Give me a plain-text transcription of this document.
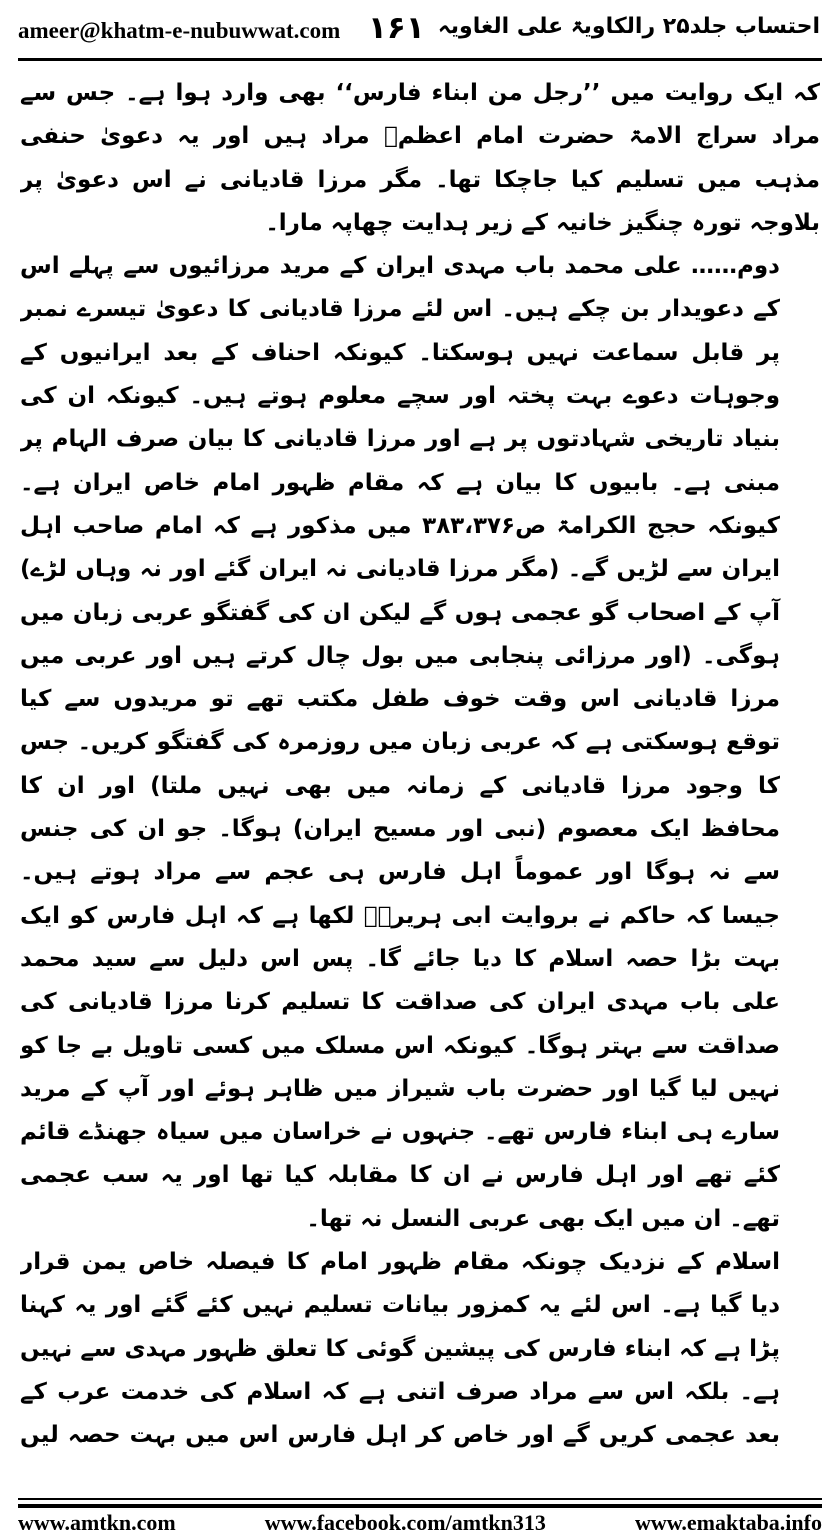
ameer@khatm-e-nubuwwat.com ۱۶۱ احتساب جلد۲۵ رالکاویۃ علی الغاویہ

کہ ایک روایت میں ’’رجل من ابناء فارس‘‘ بھی وارد ہوا ہے۔ جس سے مراد سراج الامۃ حضرت امام اعظمؒ مراد ہیں اور یہ دعویٰ حنفی مذہب میں تسلیم کیا جاچکا تھا۔ مگر مرزا قادیانی نے اس دعویٰ پر بلاوجہ تورہ چنگیز خانیہ کے زیر ہدایت چھاپہ مارا۔

دوم…… علی محمد باب مہدی ایران کے مرید مرزائیوں سے پہلے اس کے دعویدار بن چکے ہیں۔ اس لئے مرزا قادیانی کا دعویٰ تیسرے نمبر پر قابل سماعت نہیں ہوسکتا۔ کیونکہ احناف کے بعد ایرانیوں کے وجوہات دعوے بہت پختہ اور سچے معلوم ہوتے ہیں۔ کیونکہ ان کی بنیاد تاریخی شہادتوں پر ہے اور مرزا قادیانی کا بیان صرف الہام پر مبنی ہے۔ بابیوں کا بیان ہے کہ مقام ظہور امام خاص ایران ہے۔ کیونکہ حجج الکرامۃ ص۳۸۳،۳۷۶ میں مذکور ہے کہ امام صاحب اہل ایران سے لڑیں گے۔ (مگر مرزا قادیانی نہ ایران گئے اور نہ وہاں لڑے) آپ کے اصحاب گو عجمی ہوں گے لیکن ان کی گفتگو عربی زبان میں ہوگی۔ (اور مرزائی پنجابی میں بول چال کرتے ہیں اور عربی میں مرزا قادیانی اس وقت خوف طفل مکتب تھے تو مریدوں سے کیا توقع ہوسکتی ہے کہ عربی زبان میں روزمرہ کی گفتگو کریں۔ جس کا وجود مرزا قادیانی کے زمانہ میں بھی نہیں ملتا) اور ان کا محافظ ایک معصوم (نبی اور مسیح ایران) ہوگا۔ جو ان کی جنس سے نہ ہوگا اور عموماً اہل فارس ہی عجم سے مراد ہوتے ہیں۔ جیسا کہ حاکم نے بروایت ابی ہریرہؓ لکھا ہے کہ اہل فارس کو ایک بہت بڑا حصہ اسلام کا دیا جائے گا۔ پس اس دلیل سے سید محمد علی باب مہدی ایران کی صداقت کا تسلیم کرنا مرزا قادیانی کی صداقت سے بہتر ہوگا۔ کیونکہ اس مسلک میں کسی تاویل بے جا کو نہیں لیا گیا اور حضرت باب شیراز میں ظاہر ہوئے اور آپ کے مرید سارے ہی ابناء فارس تھے۔ جنہوں نے خراسان میں سیاہ جھنڈے قائم کئے تھے اور اہل فارس نے ان کا مقابلہ کیا تھا اور یہ سب عجمی تھے۔ ان میں ایک بھی عربی النسل نہ تھا۔

اسلام کے نزدیک چونکہ مقام ظہور امام کا فیصلہ خاص یمن قرار دیا گیا ہے۔ اس لئے یہ کمزور بیانات تسلیم نہیں کئے گئے اور یہ کہنا پڑا ہے کہ ابناء فارس کی پیشین گوئی کا تعلق ظہور مہدی سے نہیں ہے۔ بلکہ اس سے مراد صرف اتنی ہے کہ اسلام کی خدمت عرب کے بعد عجمی کریں گے اور خاص کر اہل فارس اس میں بہت حصہ لیں

www.amtkn.com	www.facebook.com/amtkn313	www.emaktaba.info
